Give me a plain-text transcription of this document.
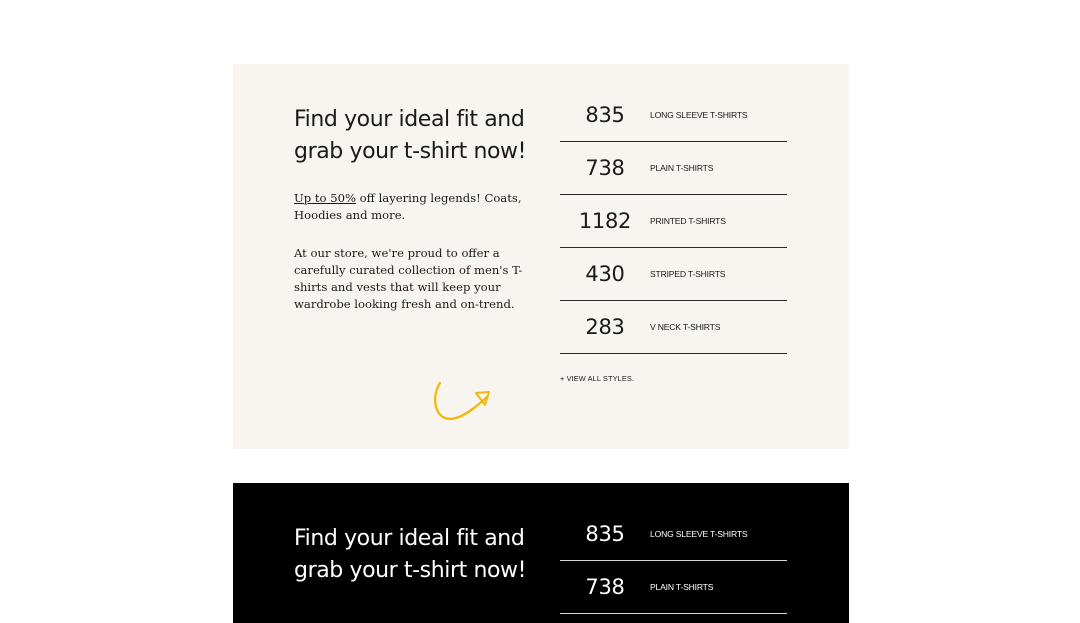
Find your ideal fit and grab your t-shirt now!

Up to 50% off layering legends! Coats, Hoodies and more.

At our store, we're proud to offer a carefully curated collection of men's T-shirts and vests that will keep your wardrobe looking fresh and on-trend.

835	LONG SLEEVE T-SHIRTS
738	PLAIN T-SHIRTS
1182	PRINTED T-SHIRTS
430	STRIPED T-SHIRTS
283	V NECK T-SHIRTS
+ VIEW ALL STYLES.
Find your ideal fit and grab your t-shirt now!
835	LONG SLEEVE T-SHIRTS
738	PLAIN T-SHIRTS
